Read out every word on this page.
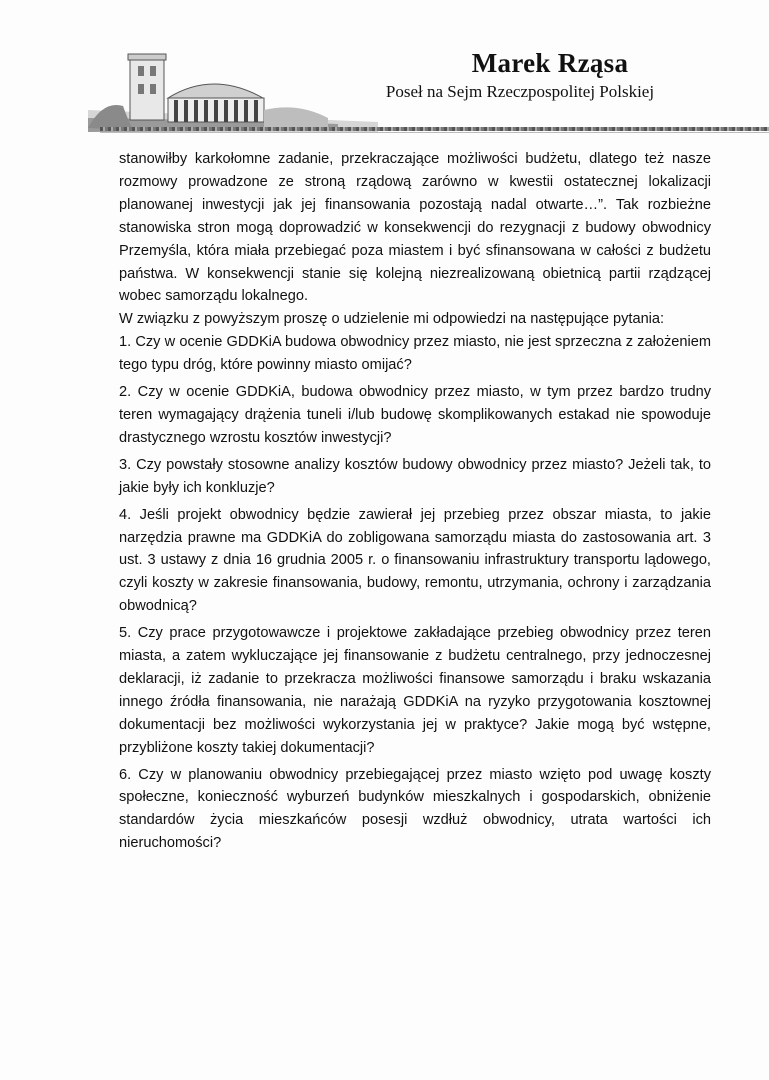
Marek Rząsa
Poseł na Sejm Rzeczpospolitej Polskiej

stanowiłby karkołomne zadanie, przekraczające możliwości budżetu, dlatego też nasze rozmowy prowadzone ze stroną rządową zarówno w kwestii ostatecznej lokalizacji planowanej inwestycji jak jej finansowania pozostają nadal otwarte…”. Tak rozbieżne stanowiska stron mogą doprowadzić w konsekwencji do rezygnacji z budowy obwodnicy Przemyśla, która miała przebiegać poza miastem i być sfinansowana w całości z budżetu państwa. W konsekwencji stanie się kolejną niezrealizowaną obietnicą partii rządzącej wobec samorządu lokalnego.

W związku z powyższym proszę o udzielenie mi odpowiedzi na następujące pytania:

1. Czy w ocenie GDDKiA budowa obwodnicy przez miasto, nie jest sprzeczna z założeniem tego typu dróg, które powinny miasto omijać?

2. Czy w ocenie GDDKiA, budowa obwodnicy przez miasto, w tym przez bardzo trudny teren wymagający drążenia tuneli i/lub budowę skomplikowanych estakad nie spowoduje drastycznego wzrostu kosztów inwestycji?

3. Czy powstały stosowne analizy kosztów budowy obwodnicy przez miasto? Jeżeli tak, to jakie były ich konkluzje?

4. Jeśli projekt obwodnicy będzie zawierał jej przebieg przez obszar miasta, to jakie narzędzia prawne ma GDDKiA do zobligowana samorządu miasta do zastosowania art. 3 ust. 3 ustawy z dnia 16 grudnia 2005 r. o finansowaniu infrastruktury transportu lądowego, czyli koszty w zakresie finansowania, budowy, remontu, utrzymania, ochrony i zarządzania obwodnicą?

5. Czy prace przygotowawcze i projektowe zakładające przebieg obwodnicy przez teren miasta, a zatem wykluczające jej finansowanie z budżetu centralnego, przy jednoczesnej deklaracji, iż zadanie to przekracza możliwości finansowe samorządu i braku wskazania innego źródła finansowania, nie narażają GDDKiA na ryzyko przygotowania kosztownej dokumentacji bez możliwości wykorzystania jej w praktyce? Jakie mogą być wstępne, przybliżone koszty takiej dokumentacji?

6. Czy w planowaniu obwodnicy przebiegającej przez miasto wzięto pod uwagę koszty społeczne, konieczność wyburzeń budynków mieszkalnych i gospodarskich, obniżenie standardów życia mieszkańców posesji wzdłuż obwodnicy, utrata wartości ich nieruchomości?
